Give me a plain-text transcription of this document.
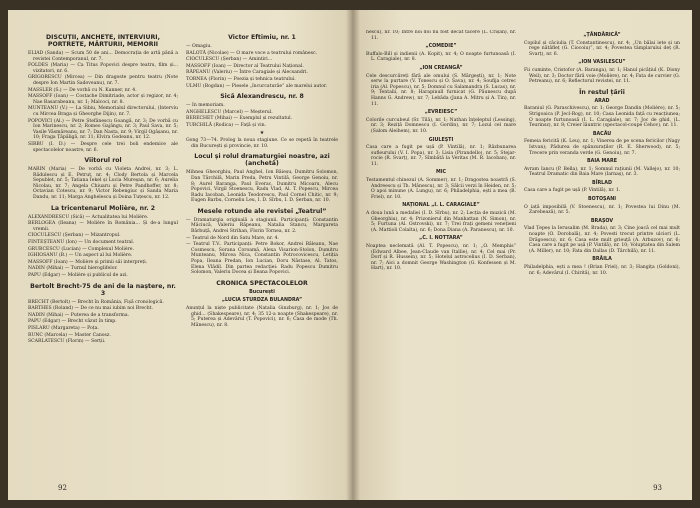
DISCUȚII, ANCHETE, INTERVIURI, PORTRETE, MĂRTURII, MEMORII

ELIAD (Sanda) — Scum 50 de ani... Democrația de artă până a revistei Contemporanul, nr. 7.

FOLDES (Maria) — Ca Titus Popovici despre teatru, film și... vizitatori, nr. 6.

GRIGORESCU (Mircea) — Din dragoste pentru teatru (Note despre Ion Martin Sadoveanu), nr. 7.

MASSLER (S.) — De vorbă cu N. Kanner, nr. 4.

MASSOFF (Ioan) — Costache Dimitriade, actor și regizor, nr. 4; Nae Basarabeanu, nr. 1; Malcoci, nr. 8.

MUNTEANU (V.) — La Sibiu, Memorialul directorului, (Interviu cu Mircea Braga și Gheorghe Dijin), nr. 7.

POPOVICI (Al.) — Petre Ștefănescu Goangă, nr. 3; De vorbă cu Ion Marinescu, nr. 2; Romeo Gajăngu, nr. 3; Paul Sava, nr. 5; Vasile Vâsmăreanu, nr. 7; Dan Nasta, nr. 9; Virgil Ogășanu, nr. 10; Fraga Țăpăligă, nr. 11; Elvira Godeanu, nr. 12.

SIRBU (I. D.) — Despre cele trei boli endemice ale spectacolelor noastre, nr. 6.

Viitorul rol

MARIN (Maria) — De vorbă cu Violeta Andrei, nr. 3; L. Rădulescu și E. Petruț, nr. 4; Clody Bertola și Marcela Sepublet, nr. 5; Tatiana Iekel și Lucia Mureșan, nr. 6; Aurelia Nicolau, nr. 7; Angela Chiuaru și Petre Pandhoffer, nr. 8; Octavian Cotescu, nr. 9; Victor Rebengiuc și Sanda Maria Dandu, nr. 11; Marga Anghelescu și Doina Tuțescu, nr. 12.

La tricentenarul Molière, nr. 2

ALEXANDRESCU (Sică) — Actualitatea lui Molière.

BERLOGEA (Ileana) — Molière în România... Și de-a lungul vremii.

CIOCULESCU (Șerban) — Mizantropul.

FINTEȘTEANU (Ion) — Un document teatral.

GRUBCESCU (Lucian) — Complexul Molière.

IGHIOSANU (B.) — Un aspect al lui Molière.

MASSOFF (Ioan) — Molière și primii săi interpreți.

NADIN (Mihai) — Turnul hieroglifelor.

PAPU (Edgar) — Molière și publicul de azi.

Bertolt Brecht-75 de ani de la naștere, nr. 3

BRECHT (Bertolt) — Brecht în România, Fișă cronologică.

BARTHES (Roland) — De ce nu mai iubim noi Brecht.

NADIN (Mihai) — Puterea de a transforma.

PAPU (Edgar) — Brecht văzut în timp.

PISLARU (Margareta) — Poța.

RUNC (Marcela) — Master Canosz.

SCARLATESCU (Florin) — Serții.

Victor Eftimiu, nr. 1

— Omagiu.

BALOTĂ (Nicolae) — O mare voce a teatrului românesc.

CIOCULESCU (Șerban) — Amintiri...

MASSOFF (Ioan) — Director al Teatrului Național.

RĂPEANU (Valeriu) — Între Caragiale și Alecsandri.

TORNEA (Florin) — Poezia și tehnica teatrului.

ULMU (Bogdan) — Piesele „încurcaturăe” ale marelui autor.

Sică Alexandrescu, nr. 8

— In memoriam.

ANGHELESCU (Marcel) — Meșterul.

BERECHET (Mihai) — Exemplul și rezultatul.

TURCHILĂ (Rodica) — Față și vin.

★

Gong 73—74. Prolog la noua stagiune. Ce se repetă în teatrele din București și provincie, nr. 10.

Locul și rolul dramaturgiei noastre, azi (anchetă)

Mihnea Gheorghiu, Paul Anghel, Ion Băieșu, Dumitru Solomon, Dan Tărchilă, Marin Preda, Petru Vintilă, George Genoiu, nr. 8; Aurel Baranga, Paul Everac, Dumitru Micoaru, Alecu Popovici, Virgil Stoenescu, Radu Vlad, Al. T. Popescu, Mircea Radu Iacoban, Leonida Teodorescu, Paul Cornel Chitic, nr. 9; Eugen Barbu, Corneliu Leu, I. D. Sîrbu, I. D. Șerban, nr. 10.

Mesele rotunde ale revistei „Teatrul”

— Dramaturgia originală a stagiunii. Participanți: Constantin Măciucă, Valeriu Răpeanu, Natalia Stancu, Margareta Bărbuță, Andrei Strihan, Florin Tornea, nr. 2.

— Teatrul de Nord din Satu Mare, nr. 4.

— Teatrul T.V.. Participanți: Petre Bokor, Andrei Băleanu, Nae Cosmescu, Sorana Coroamă, Alexa Visarion-Stolon, Dumitru Munteanu, Mircea Nica, Constantin Potrocovicescu, Letiția Popa, Ileana Predan, Ion Lucian, Doru Năstase, Al. Tatos, Elena Vlădil. Din partea redacției: Radu Popescu Dumitru Solomon, Valeriu Docea și Ileana Popovici.

CRONICA SPECTACOLELOR
București
„LUCIA STURDZA BULANDRA”

Anunțul la niște publicitate (Natalia Ginzburg), nr. 1; Jos de ghid... (Shakespeare), nr. 4; 35 12-a noapte (Shakespeare), nr. 5; Puterea și Adevărul (T. Popovici), nr. 6; Casa de mode (Th. Mănescu), nr. 8.

92

nescu), nr. 10; Între noi doi nu fost decât tăcere (L. Crișan), nr. 11.

„COMEDIE”

Buffalo-Bill și indienii (A. Kopit), nr. 4; O noapte furtunoasă (I. L. Caragiale), nr. 8.

„ION CREANGĂ”

Cele descurcăreți fără ale omului (S. Mărgești), nr. 1; Note serw la purtare (V. Tonescu și O. Șava), nr. 4; Soufija cetrec iria (Al. Popescu), nr. 5; Domnul cu Salamandra (S. Lucas), nr. 9; Tentalii, nr. 8; Harapinull furnicat (G. Păunescu după Hanns G. Andrew), nr. 7; Lebăda (Jana A. Mitru și A. Tin), nr. 11.

„EVREIESC”

Colorile curcubeul (Sr. Tilă), nr. 1; Nathan înțeleptul (Lessing), nr. 3; Reziță Domnescu (I. Gordin), nr. 7; Lozul cel mare (Salom Aleihem), nr. 10.

GIULEȘTI

Casa care a fugit pe ușă (P. Vintilă), nr. 1; Răzbunarea sufleurului (V. I. Popa), nr. 3; Lisia (Pirandello), nr. 5; Stejar-rocie (R. Svarț), nr. 7; Sîmbătă la Veritas (M. R. Iacoban), nr. 11.

MIC

Testamentul chinezul (A. Sommer), nr. 1; Dragostea noastră (S. Andreescu și Th. Mănescu), nr. 3; Sălcii verzi în Heiden, nr. 5; O apoi minune (A. Lungu), nr. 6; Philadelphia, ești a mea (B. Friel), nr. 10.

NAȚIONAL „I. L. CARAGIALE”

A doua lună a medaliei (I. D. Sîrbu), nr. 2; Lecția de muzică (M. Gheorghiu), nr. 4; Prizonierul din Manhattan (N. Simon), nr. 5; Furtuna (Al. Ostrovski), nr. 7; Trei frați gemeni venețieni (A. Mattioli Colalta), nr. 6; Dona Diana (A. Paranescu), nr. 10.

„C. I. NOTTARA”

Noaptea neclemată (Al. T. Popescu), nr. 1; „O. Memphis” (Edward Albee, Jean-Claude van Itallie), nr. 4; Cel mai (Pr. Dorf și R. Hussein), nr. 5; Hotelul astrocelius (I. D. Serban), nr. 7; Aici a domnit George Washington (G. Konfessen și M. Hart), nr. 10.

„ȚĂNDĂRICĂ”

Copilul și căciulia (T. Constantinescu), nr. 4; „Un bălai iete și un rege nătăfleț (G. Ciocoiu)”, nr. 4; Povestea tâmplarului deț (R. Svarț), nr. 6.

„ION VASILESCU”

Fii cuminte, Cristofor (A. Baranga), nr. 1; Hanul picățiul (K. Diony Weil), nr. 3; Doctor fără voie (Molière), nr. 4; Fata de curvier (G. Petreanu), nr. 6; Reflectorul revistei, nr. 11.

În restul țării
ARAD

Baraniul (G. Paraschivescu), nr. 1; George Dandin (Molière), nr. 5; Strigoaica (P. Jecl-Rog), nr. 10; Casa Leonida față cu reacțiunea; O noapte furtunoasă (I. L. Caragiale), nr. 7; Joc de ghid, (L. Teurinsz), nr. 8; Creier lăuntric (spectacol-coupé Cehov), nr. 11.

BACĂU

Femeia fericită (K. Leu), nr. 1; Vinerea de pe scena fericilor (Nagy Istvan); Pădurea de spânzuraților (R. E. Sherwood), nr. 5; Trecere prin veranda verde (G. Genoiu), nr. 7.

BAIA MARE

Avram Iancu (P. Bella), nr. 1; Somnul rațiunii (M. Vallejo), nr. 10; Teatrul Dramatic din Baia Mare (Iarnaș), nr. 3.

BÎRLAD

Casa care a fugit pe ușă (P. Vintilă), nr. 1.

BOTOȘANI

O iață imposibilă (V. Stoenescu), nr. 1; Povestea lui Dinu (M. Zarebează), nr. 5.

BRAȘOV

Vlad Țepeș la Ierusalim (M. Brada), nr. 3; Cine joacă cel mai mult noapte (O. Dorobală), nr. 4; Povesti trecut printre ulciori (L. Drăgoescu), nr. 6; Casa este mult grieuță (A. Arbuzov), nr. 6; Casa care a fugit pe ușă (P. Vintilă), nr. 10; Voluptatea din Salem (A. Miller), nr. 10; Fata din Dallas (D. Tărchilă), nr. 11.

BRĂILA

Philadelphia, ești a mea ! (Brian Friel), nr. 3; Hangița (Goldoni), nr. 6; Adevărul (I. Chirită), nr. 10.

93
